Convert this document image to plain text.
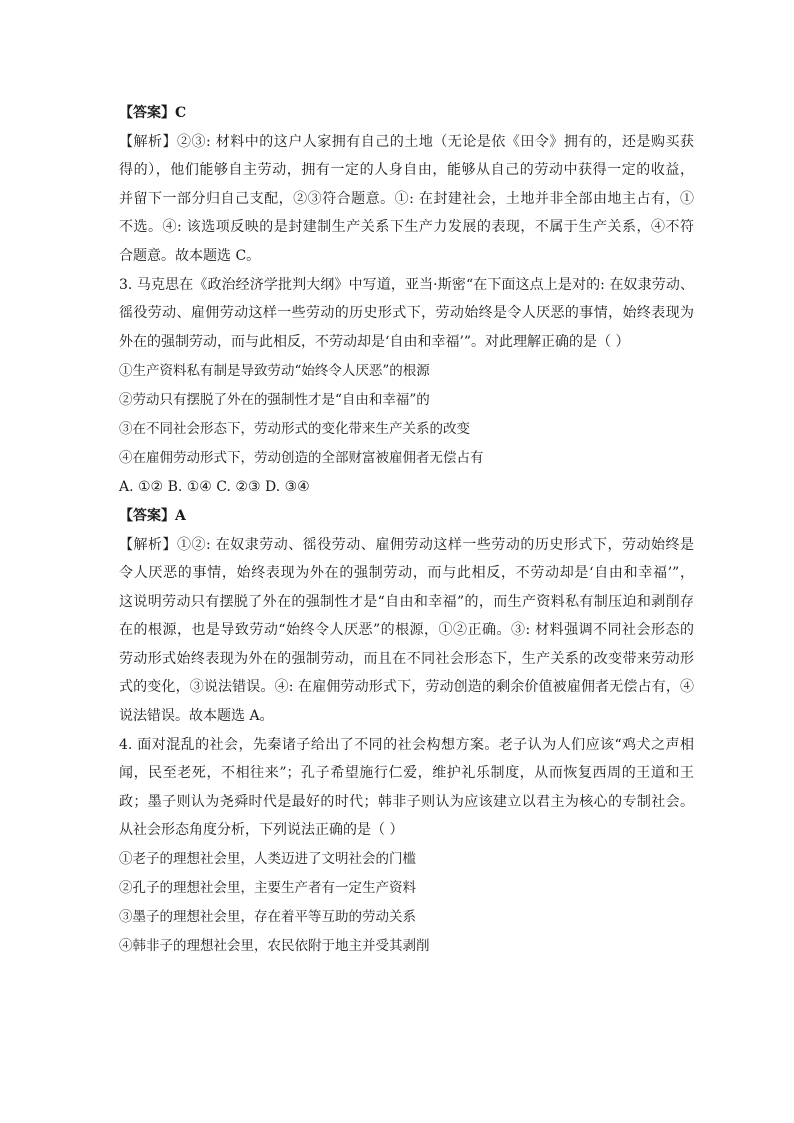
【答案】C
【解析】②③: 材料中的这户人家拥有自己的土地（无论是依《田令》拥有的，还是购买获
得的），他们能够自主劳动，拥有一定的人身自由，能够从自己的劳动中获得一定的收益，
并留下一部分归自己支配，②③符合题意。①: 在封建社会，土地并非全部由地主占有，①
不选。④: 该选项反映的是封建制生产关系下生产力发展的表现，不属于生产关系，④不符
合题意。故本题选 C。
3. 马克思在《政治经济学批判大纲》中写道，亚当·斯密“在下面这点上是对的: 在奴隶劳动、
徭役劳动、雇佣劳动这样一些劳动的历史形式下，劳动始终是令人厌恶的事情，始终表现为
外在的强制劳动，而与此相反，不劳动却是‘自由和幸福’”。对此理解正确的是（ ）
①生产资料私有制是导致劳动“始终令人厌恶”的根源
②劳动只有摆脱了外在的强制性才是“自由和幸福”的
③在不同社会形态下，劳动形式的变化带来生产关系的改变
④在雇佣劳动形式下，劳动创造的全部财富被雇佣者无偿占有
A. ①② B. ①④ C. ②③ D. ③④
【答案】A
【解析】①②: 在奴隶劳动、徭役劳动、雇佣劳动这样一些劳动的历史形式下，劳动始终是
令人厌恶的事情，始终表现为外在的强制劳动，而与此相反，不劳动却是‘自由和幸福’”，
这说明劳动只有摆脱了外在的强制性才是“自由和幸福”的，而生产资料私有制压迫和剥削存
在的根源，也是导致劳动“始终令人厌恶”的根源，①②正确。③: 材料强调不同社会形态的
劳动形式始终表现为外在的强制劳动，而且在不同社会形态下，生产关系的改变带来劳动形
式的变化，③说法错误。④: 在雇佣劳动形式下，劳动创造的剩余价值被雇佣者无偿占有，④
说法错误。故本题选 A。
4. 面对混乱的社会，先秦诸子给出了不同的社会构想方案。老子认为人们应该“鸡犬之声相
闻，民至老死，不相往来”；孔子希望施行仁爱，维护礼乐制度，从而恢复西周的王道和王
政；墨子则认为尧舜时代是最好的时代；韩非子则认为应该建立以君主为核心的专制社会。
从社会形态角度分析，下列说法正确的是（ ）
①老子的理想社会里，人类迈进了文明社会的门槛
②孔子的理想社会里，主要生产者有一定生产资料
③墨子的理想社会里，存在着平等互助的劳动关系
④韩非子的理想社会里，农民依附于地主并受其剥削
